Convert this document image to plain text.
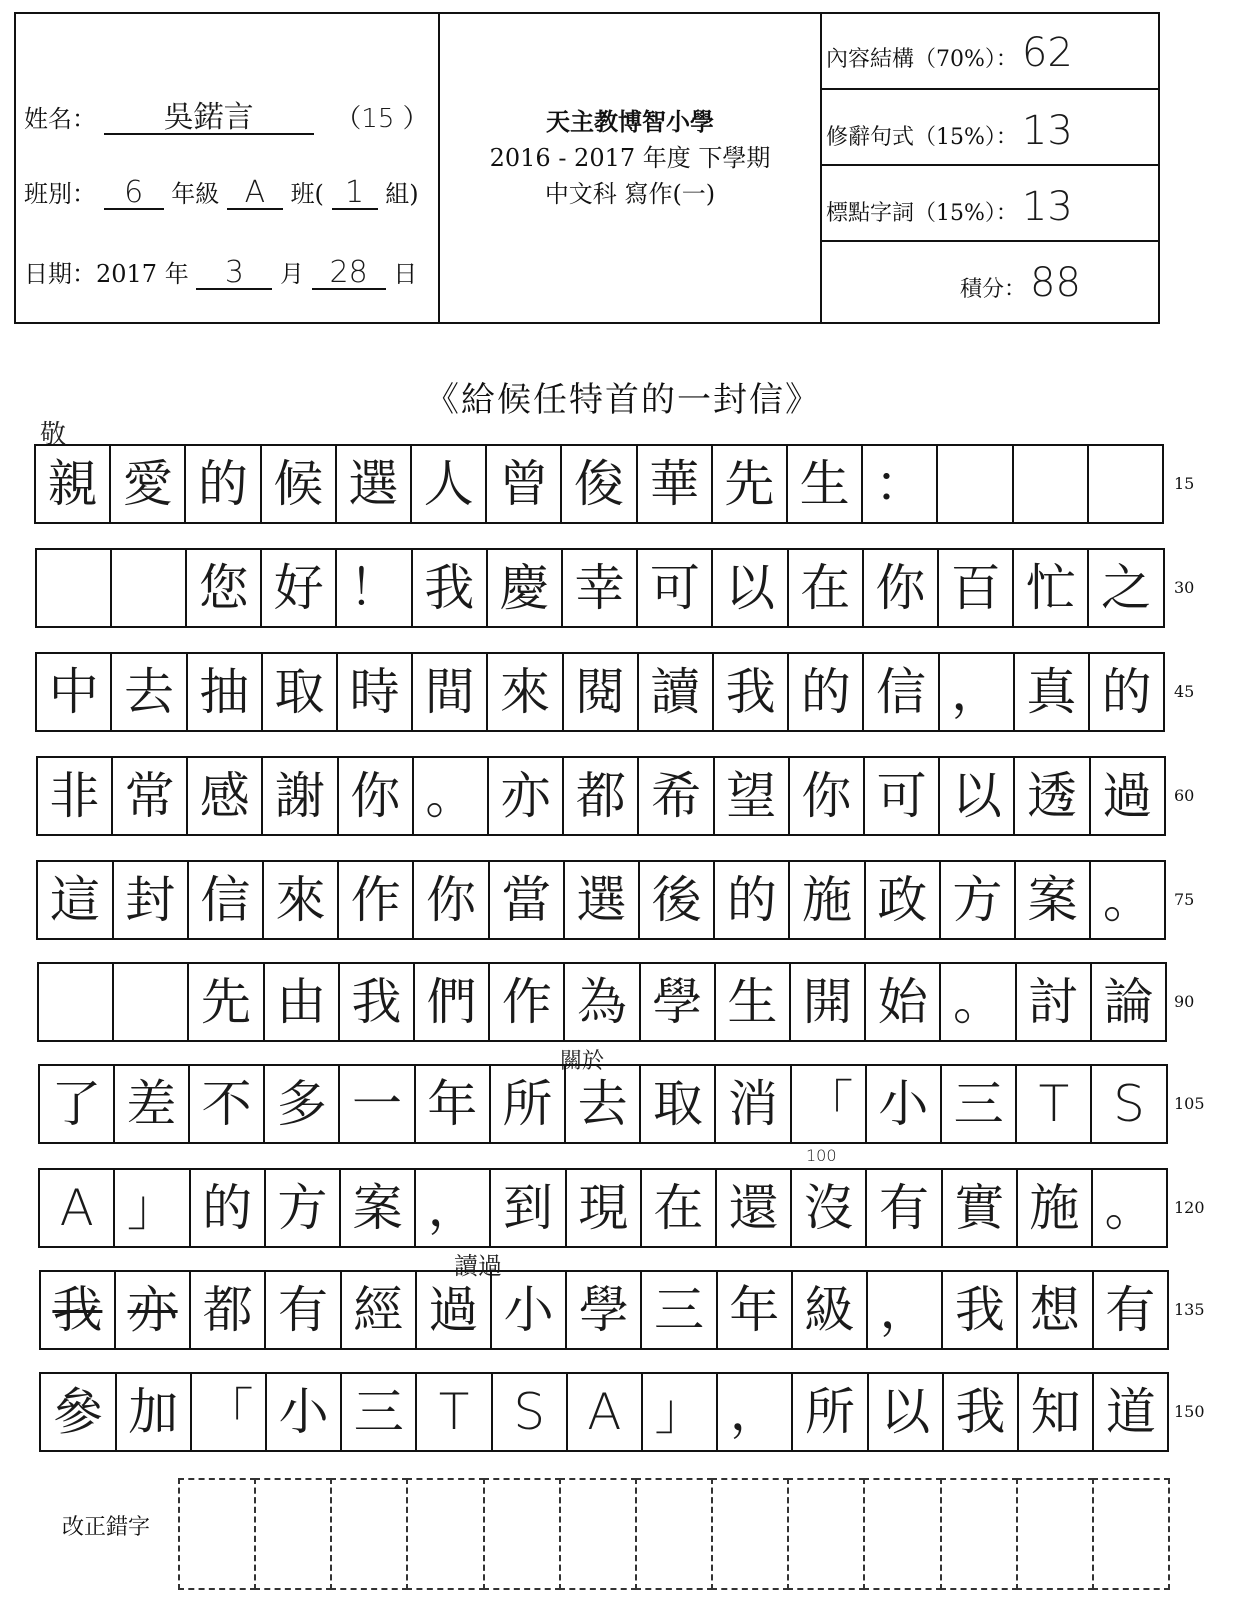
姓名： 吳鍩言	（15 ）
班別： 6 年級 A 班( 1 組)
日期：2017 年 3 月 28 日
天主教博智小學
2016 - 2017 年度 下學期
中文科 寫作(一)
內容結構（70%）： 62
修辭句式（15%）： 13
標點字詞（15%）： 13
積分： 88
《給候任特首的一封信》
敬
關於
100
讀過
親 愛 的 候 選 人 曾 俊 華 先 生 ：	15
您 好 ！ 我 慶 幸 可 以 在 你 百 忙 之	30
中 去 抽 取 時 間 來 閱 讀 我 的 信 ， 真 的	45
非 常 感 謝 你 。 亦 都 希 望 你 可 以 透 過	60
這 封 信 來 作 你 當 選 後 的 施 政 方 案 。	75
先 由 我 們 作 為 學 生 開 始 。 討 論	90
了 差 不 多 一 年 所 去 取 消 「 小 三 T S	105
A 」 的 方 案 ， 到 現 在 還 沒 有 實 施 。	120
我 亦 都 有 經 過 小 學 三 年 級 ， 我 想 有	135
參 加 「 小 三 T S A 」 ， 所 以 我 知 道	150
改正錯字
